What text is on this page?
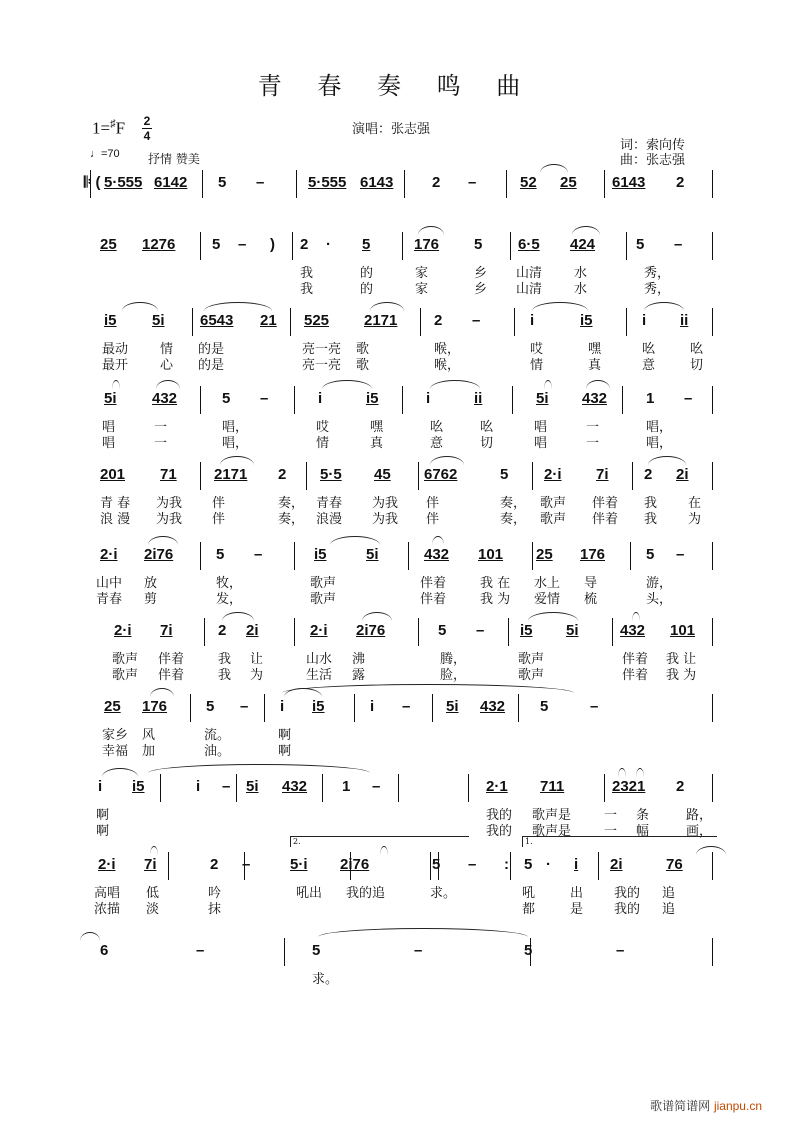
青 春 奏 鸣 曲
1=♯F 2
4	演唱：张志强
词：索向传
曲：张志强
♩=70 抒情 赞美
𝄆 ( 5·555 6142 5 –	5·555 6143	2 –	52 25 6143 2
25 1276 5 – ) 2 · 5	176 5 6·5 424	5 –
我	的	家	乡 山清 水	秀，
我	的	家	乡 山清 水	秀，
i5 5i 6543 21 525 2171 2 –	i	i5	i ii
最动 情 的是	亮一亮 歌	喉，	哎	嘿	吆	吆
最开 心 的是	亮一亮 歌	喉，	情	真	意	切
5i 432	5 –	i	i5	i	ii	5i 432	1 –
唱	一	唱，	哎	嘿	吆	吆	唱	一	唱，
唱	一	唱，	情	真	意	切	唱	一	唱，
201 71 2171 2 5·5 45 6762	5 2·i 7i 2 2i
青 春 为我 伴	奏， 青春 为我 伴	奏， 歌声 伴着 我 在
浪 漫 为我 伴	奏， 浪漫 为我 伴	奏， 歌声 伴着 我 为
2·i 2i76	5 –	i5	5i	432 101 25 176	5 –
山中 放	牧，	歌声	伴着	我 在 水上 导	游，
青春 剪	发，	歌声	伴着	我 为 爱情 梳	头，
2·i 7i	2 2i	2·i 2i76	5 – i5 5i	432 101
歌声 伴着	我 让	山水 沸	腾，	歌声	伴着 我 让
歌声 伴着	我 为	生活 露	脸，	歌声	伴着 我 为
25 176	5 – i i5	i – 5i 432 5	–
家乡 风	流。	啊
幸福 加	油。	啊
i i5	i – 5i 432 1 –	2·1 711	2321 2
啊	我的 歌声是	一 条	路，
啊	我的 歌声是	一 幅	画，
2·i 7i	2 –	5·i 2i76	5 – : 5 · i 2i	76
高唱 低	吟	吼出 我的追	求。	吼	出 我的 追
浓描 淡	抹	都	是 我的 追
6	–	5	–	5	–
求。
2.	1.
歌谱简谱网 jianpu.cn
